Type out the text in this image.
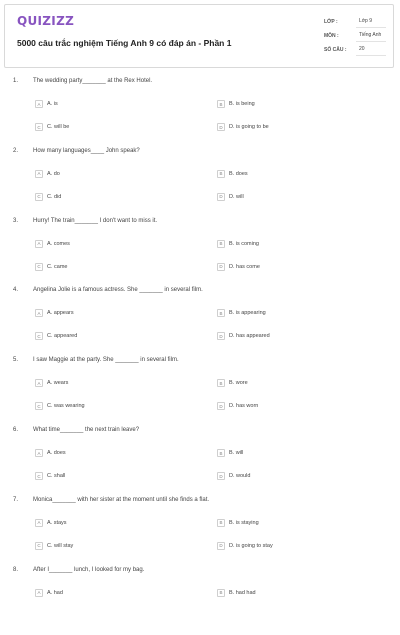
QUIZIZZ
5000 câu trắc nghiệm Tiếng Anh 9 có đáp án - Phần 1
LỚP :	Lớp 9
MÔN :	Tiếng Anh
SỐ CÂU :	20
1. The wedding party_______ at the Rex Hotel.
A	A. is	B	B. is being
C	C. will be	D	D. is going to be
2. How many languages____ John speak?
A	A. do	B	B. does
C	C. did	D	D. will
3. Hurry! The train_______ I don't want to miss it.
A	A. comes	B	B. is coming
C	C. came	D	D. has come
4. Angelina Jolie is a famous actress. She _______ in several film.
A	A. appears	B	B. is appearing
C	C. appeared	D	D. has appeared
5. I saw Maggie at the party. She _______ in several film.
A	A. wears	B	B. wore
C	C. was wearing	D	D. has worn
6. What time_______ the next train leave?
A	A. does	B	B. will
C	C. shall	D	D. would
7. Monica_______ with her sister at the moment until she finds a flat.
A	A. stays	B	B. is staying
C	C. will stay	D	D. is going to stay
8. After I_______ lunch, I looked for my bag.
A	A. had	B	B. had had
